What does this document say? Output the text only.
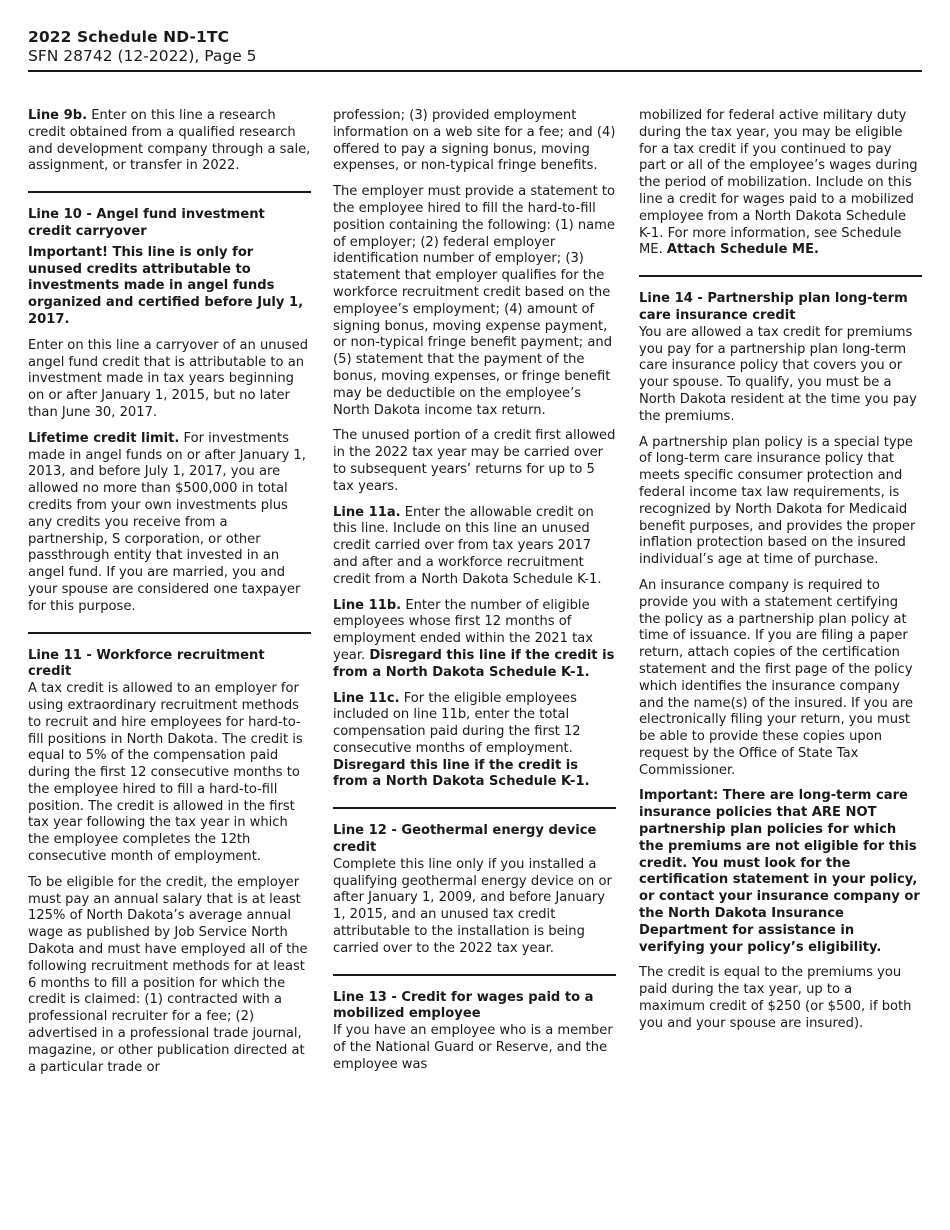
2022 Schedule ND-1TC
SFN 28742 (12-2022), Page 5

Line 9b. Enter on this line a research credit obtained from a qualified research and development company through a sale, assignment, or transfer in 2022.

Line 10 - Angel fund investment credit carryover

Important! This line is only for unused credits attributable to investments made in angel funds organized and certified before July 1, 2017.

Enter on this line a carryover of an unused angel fund credit that is attributable to an investment made in tax years beginning on or after January 1, 2015, but no later than June 30, 2017.

Lifetime credit limit. For investments made in angel funds on or after January 1, 2013, and before July 1, 2017, you are allowed no more than $500,000 in total credits from your own investments plus any credits you receive from a partnership, S corporation, or other passthrough entity that invested in an angel fund. If you are married, you and your spouse are considered one taxpayer for this purpose.

Line 11 - Workforce recruitment credit

A tax credit is allowed to an employer for using extraordinary recruitment methods to recruit and hire employees for hard-to-fill positions in North Dakota. The credit is equal to 5% of the compensation paid during the first 12 consecutive months to the employee hired to fill a hard-to-fill position. The credit is allowed in the first tax year following the tax year in which the employee completes the 12th consecutive month of employment.

To be eligible for the credit, the employer must pay an annual salary that is at least 125% of North Dakota’s average annual wage as published by Job Service North Dakota and must have employed all of the following recruitment methods for at least 6 months to fill a position for which the credit is claimed: (1) contracted with a professional recruiter for a fee; (2) advertised in a professional trade journal, magazine, or other publication directed at a particular trade or

profession; (3) provided employment information on a web site for a fee; and (4) offered to pay a signing bonus, moving expenses, or non-typical fringe benefits.

The employer must provide a statement to the employee hired to fill the hard-to-fill position containing the following: (1) name of employer; (2) federal employer identification number of employer; (3) statement that employer qualifies for the workforce recruitment credit based on the employee’s employment; (4) amount of signing bonus, moving expense payment, or non-typical fringe benefit payment; and (5) statement that the payment of the bonus, moving expenses, or fringe benefit may be deductible on the employee’s North Dakota income tax return.

The unused portion of a credit first allowed in the 2022 tax year may be carried over to subsequent years’ returns for up to 5 tax years.

Line 11a. Enter the allowable credit on this line. Include on this line an unused credit carried over from tax years 2017 and after and a workforce recruitment credit from a North Dakota Schedule K-1.

Line 11b. Enter the number of eligible employees whose first 12 months of employment ended within the 2021 tax year. Disregard this line if the credit is from a North Dakota Schedule K-1.

Line 11c. For the eligible employees included on line 11b, enter the total compensation paid during the first 12 consecutive months of employment. Disregard this line if the credit is from a North Dakota Schedule K-1.

Line 12 - Geothermal energy device credit

Complete this line only if you installed a qualifying geothermal energy device on or after January 1, 2009, and before January 1, 2015, and an unused tax credit attributable to the installation is being carried over to the 2022 tax year.

Line 13 - Credit for wages paid to a mobilized employee

If you have an employee who is a member of the National Guard or Reserve, and the employee was

mobilized for federal active military duty during the tax year, you may be eligible for a tax credit if you continued to pay part or all of the employee’s wages during the period of mobilization. Include on this line a credit for wages paid to a mobilized employee from a North Dakota Schedule K-1. For more information, see Schedule ME. Attach Schedule ME.

Line 14 - Partnership plan long-term care insurance credit

You are allowed a tax credit for premiums you pay for a partnership plan long-term care insurance policy that covers you or your spouse. To qualify, you must be a North Dakota resident at the time you pay the premiums.

A partnership plan policy is a special type of long-term care insurance policy that meets specific consumer protection and federal income tax law requirements, is recognized by North Dakota for Medicaid benefit purposes, and provides the proper inflation protection based on the insured individual’s age at time of purchase.

An insurance company is required to provide you with a statement certifying the policy as a partnership plan policy at time of issuance. If you are filing a paper return, attach copies of the certification statement and the first page of the policy which identifies the insurance company and the name(s) of the insured. If you are electronically filing your return, you must be able to provide these copies upon request by the Office of State Tax Commissioner.

Important: There are long-term care insurance policies that ARE NOT partnership plan policies for which the premiums are not eligible for this credit. You must look for the certification statement in your policy, or contact your insurance company or the North Dakota Insurance Department for assistance in verifying your policy’s eligibility.

The credit is equal to the premiums you paid during the tax year, up to a maximum credit of $250 (or $500, if both you and your spouse are insured).
